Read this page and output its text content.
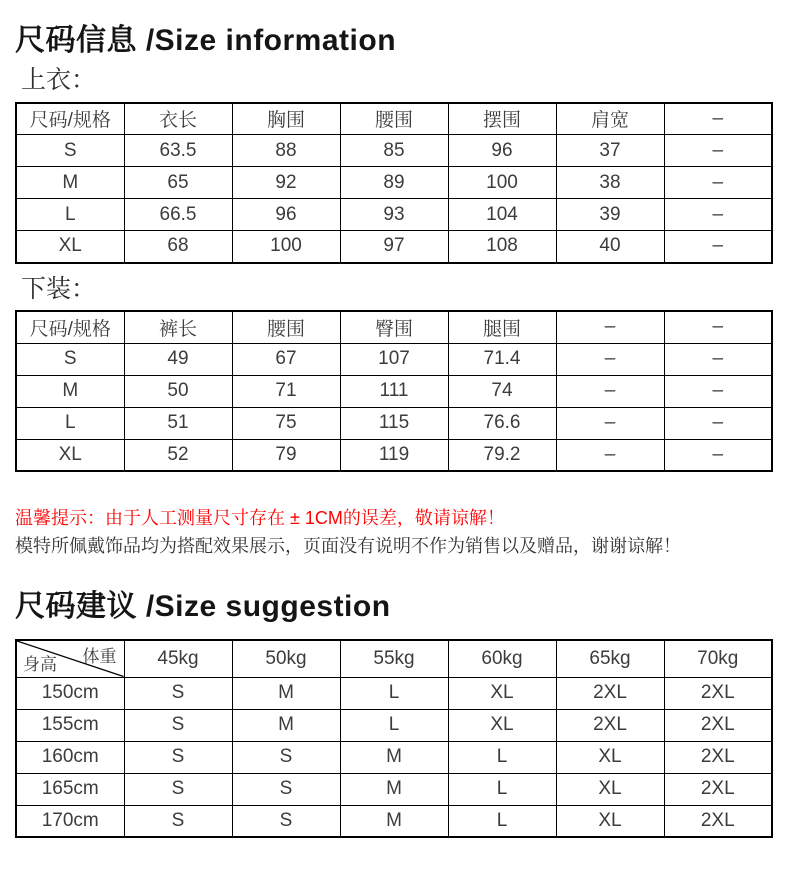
尺码信息 /Size information
上衣：
尺码/规格	衣长	胸围	腰围	摆围	肩宽	–
S	63.5	88	85	96	37	–
M	65	92	89	100	38	–
L	66.5	96	93	104	39	–
XL	68	100	97	108	40	–
下装：
尺码/规格	裤长	腰围	臀围	腿围	–	–
S	49	67	107	71.4	–	–
M	50	71	111	74	–	–
L	51	75	115	76.6	–	–
XL	52	79	119	79.2	–	–

温馨提示：由于人工测量尺寸存在 ± 1CM的误差，敬请谅解！

模特所佩戴饰品均为搭配效果展示，页面没有说明不作为销售以及赠品，谢谢谅解！

尺码建议 /Size suggestion
体重
身高	45kg	50kg	55kg	60kg	65kg	70kg
150cm	S	M	L	XL	2XL	2XL
155cm	S	M	L	XL	2XL	2XL
160cm	S	S	M	L	XL	2XL
165cm	S	S	M	L	XL	2XL
170cm	S	S	M	L	XL	2XL
